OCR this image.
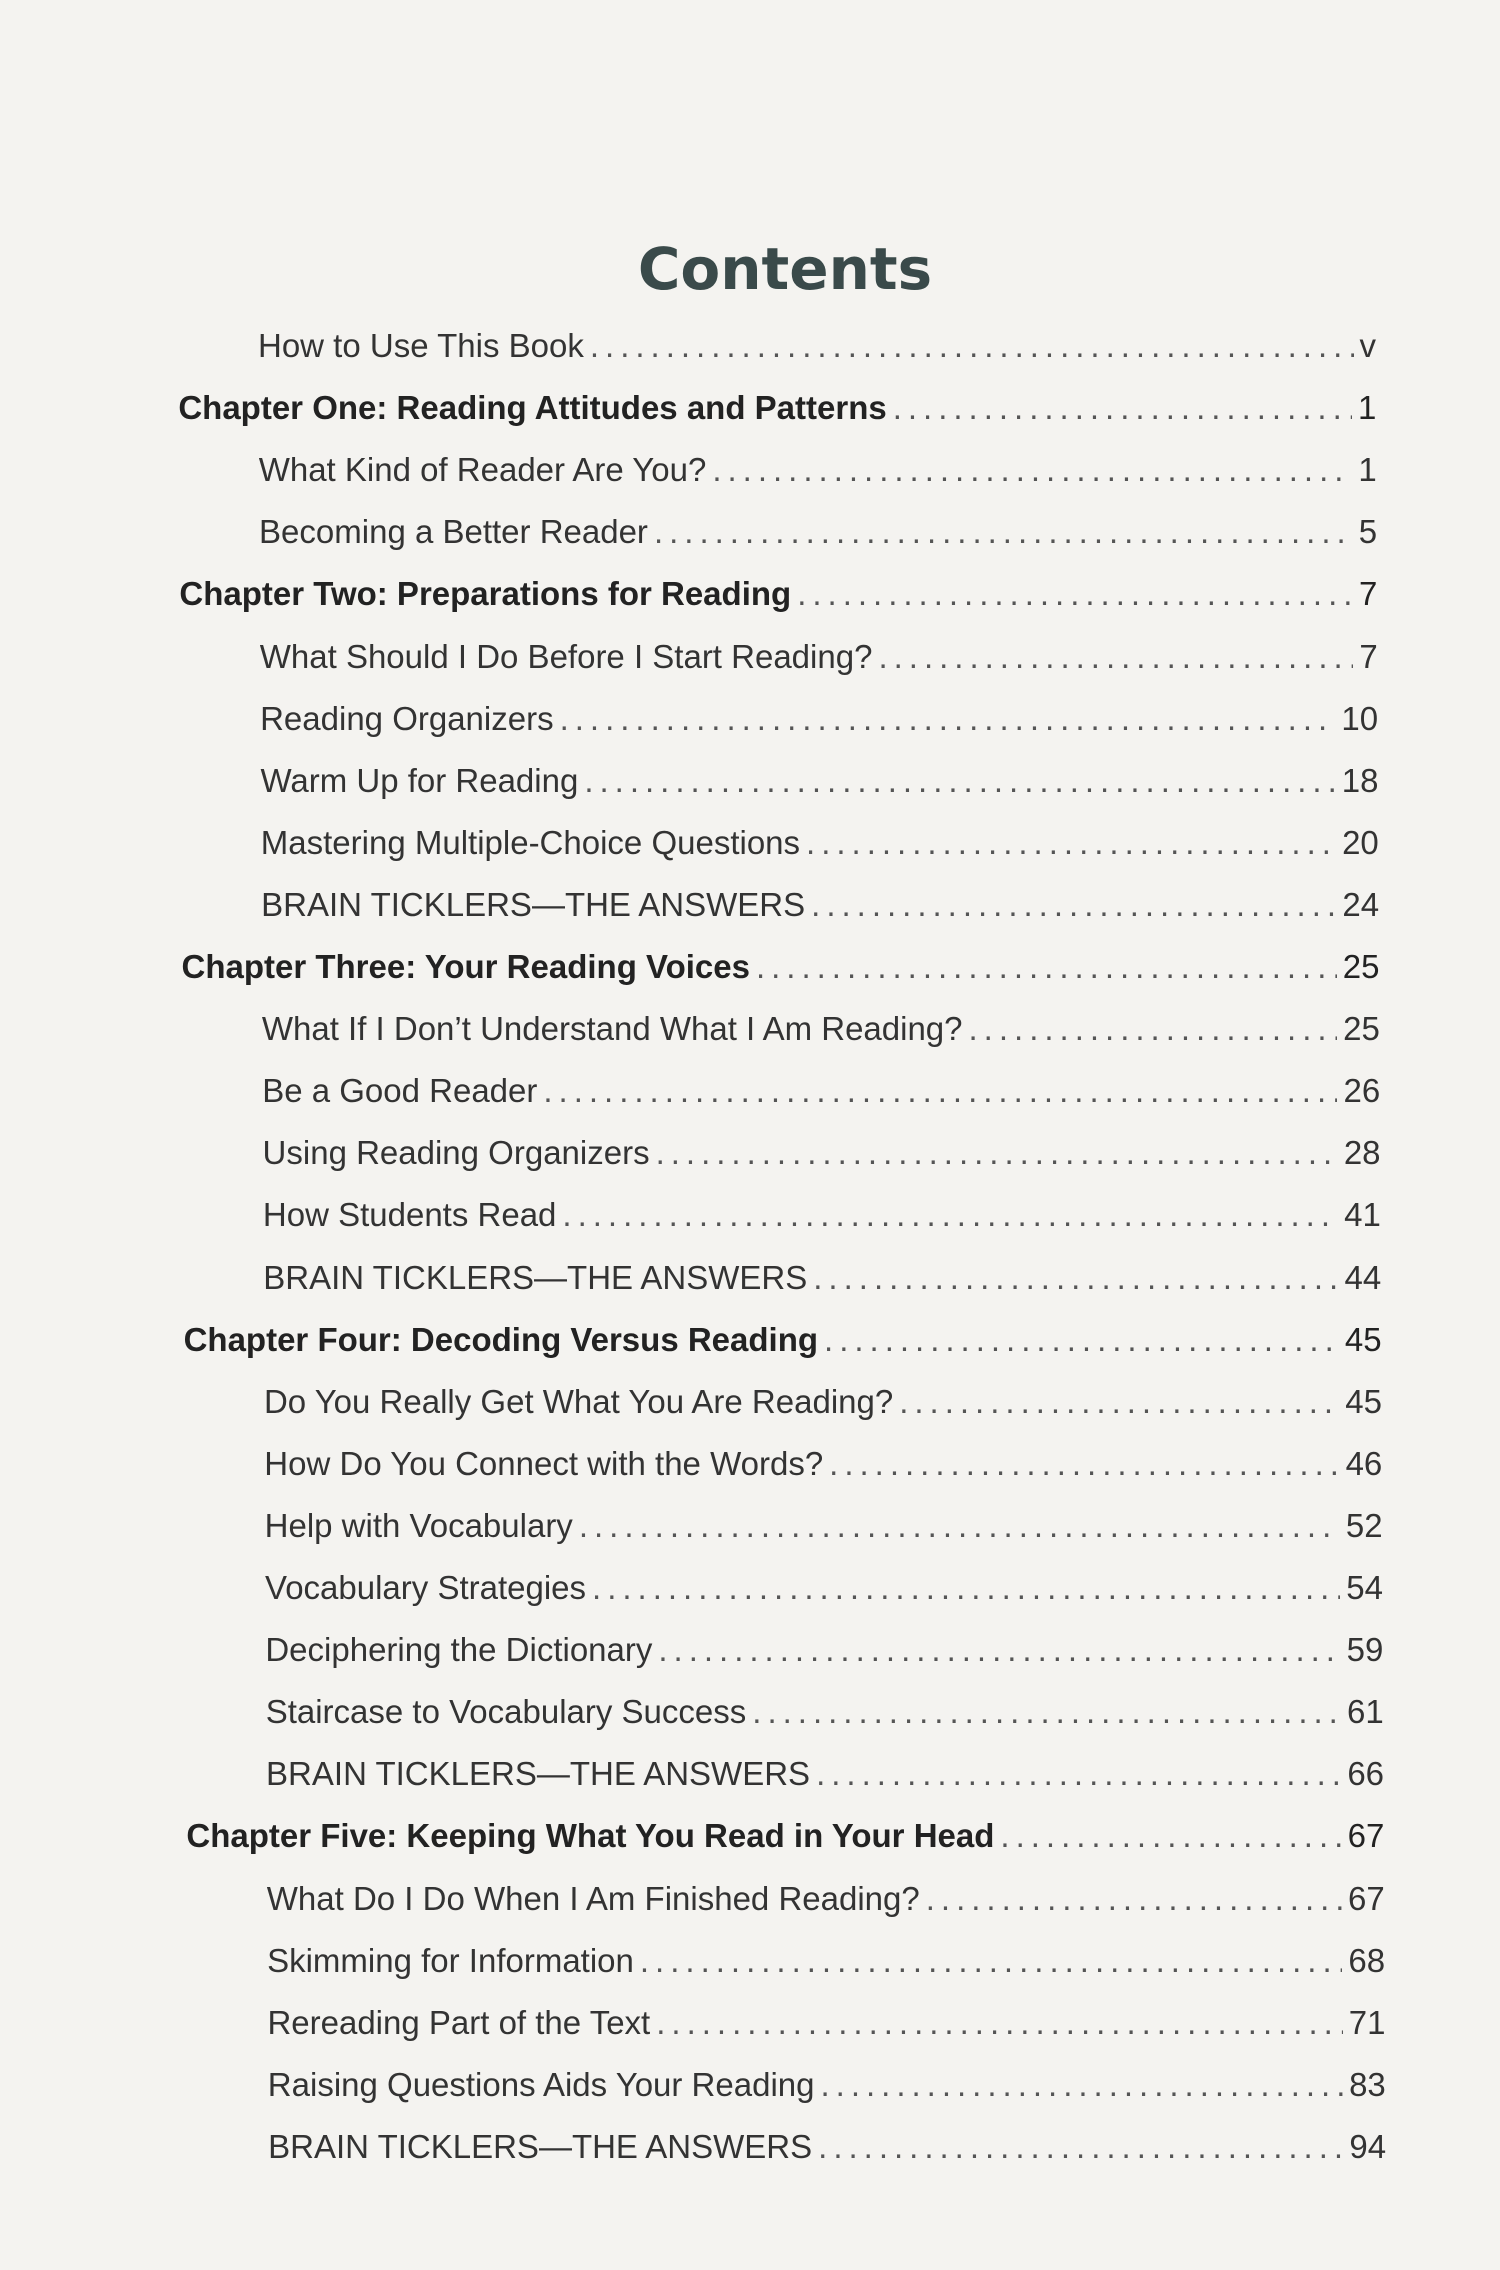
Contents
How to Use This Book .....	v
Chapter One: Reading Attitudes and Patterns .....	1
What Kind of Reader Are You? .....	1
Becoming a Better Reader .....	5
Chapter Two: Preparations for Reading .....	7
What Should I Do Before I Start Reading? .....	7
Reading Organizers .....	10
Warm Up for Reading .....	18
Mastering Multiple-Choice Questions .....	20
BRAIN TICKLERS—THE ANSWERS .....	24
Chapter Three: Your Reading Voices .....	25
What If I Don’t Understand What I Am Reading? .....	25
Be a Good Reader .....	26
Using Reading Organizers .....	28
How Students Read .....	41
BRAIN TICKLERS—THE ANSWERS .....	44
Chapter Four: Decoding Versus Reading .....	45
Do You Really Get What You Are Reading? .....	45
How Do You Connect with the Words? .....	46
Help with Vocabulary .....	52
Vocabulary Strategies .....	54
Deciphering the Dictionary .....	59
Staircase to Vocabulary Success .....	61
BRAIN TICKLERS—THE ANSWERS .....	66
Chapter Five: Keeping What You Read in Your Head .....	67
What Do I Do When I Am Finished Reading? .....	67
Skimming for Information .....	68
Rereading Part of the Text .....	71
Raising Questions Aids Your Reading .....	83
BRAIN TICKLERS—THE ANSWERS .....	94
